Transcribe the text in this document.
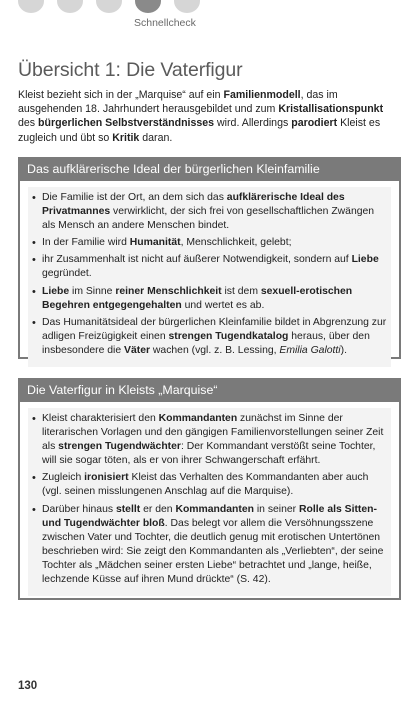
Schnellcheck
Übersicht 1: Die Vaterfigur

Kleist bezieht sich in der „Marquise“ auf ein Familienmodell, das im ausgehenden 18. Jahrhundert herausgebildet und zum Kristallisationspunkt des bürgerlichen Selbstverständnisses wird. Allerdings parodiert Kleist es zugleich und übt so Kritik daran.

Das aufklärerische Ideal der bürgerlichen Kleinfamilie
• Die Familie ist der Ort, an dem sich das aufklärerische Ideal des Privatmannes verwirklicht, der sich frei von gesellschaftlichen Zwängen als Mensch an andere Menschen bindet.
• In der Familie wird Humanität, Menschlichkeit, gelebt;
• ihr Zusammenhalt ist nicht auf äußerer Notwendigkeit, sondern auf Liebe gegründet.
• Liebe im Sinne reiner Menschlichkeit ist dem sexuell-erotischen Begehren entgegengehalten und wertet es ab.
• Das Humanitätsideal der bürgerlichen Kleinfamilie bildet in Abgrenzung zur adligen Freizügigkeit einen strengen Tugendkatalog heraus, über den insbesondere die Väter wachen (vgl. z. B. Lessing, Emilia Galotti).
Die Vaterfigur in Kleists „Marquise“
• Kleist charakterisiert den Kommandanten zunächst im Sinne der literarischen Vorlagen und den gängigen Familienvorstellungen seiner Zeit als strengen Tugendwächter: Der Kommandant verstößt seine Tochter, will sie sogar töten, als er von ihrer Schwangerschaft erfährt.
• Zugleich ironisiert Kleist das Verhalten des Kommandanten aber auch (vgl. seinen misslungenen Anschlag auf die Marquise).
• Darüber hinaus stellt er den Kommandanten in seiner Rolle als Sitten- und Tugendwächter bloß. Das belegt vor allem die Versöhnungsszene zwischen Vater und Tochter, die deutlich genug mit erotischen Untertönen beschrieben wird: Sie zeigt den Kommandanten als „Verliebten“, der seine Tochter als „Mädchen seiner ersten Liebe“ betrachtet und „lange, heiße, lechzende Küsse auf ihren Mund drückte“ (S. 42).
130
